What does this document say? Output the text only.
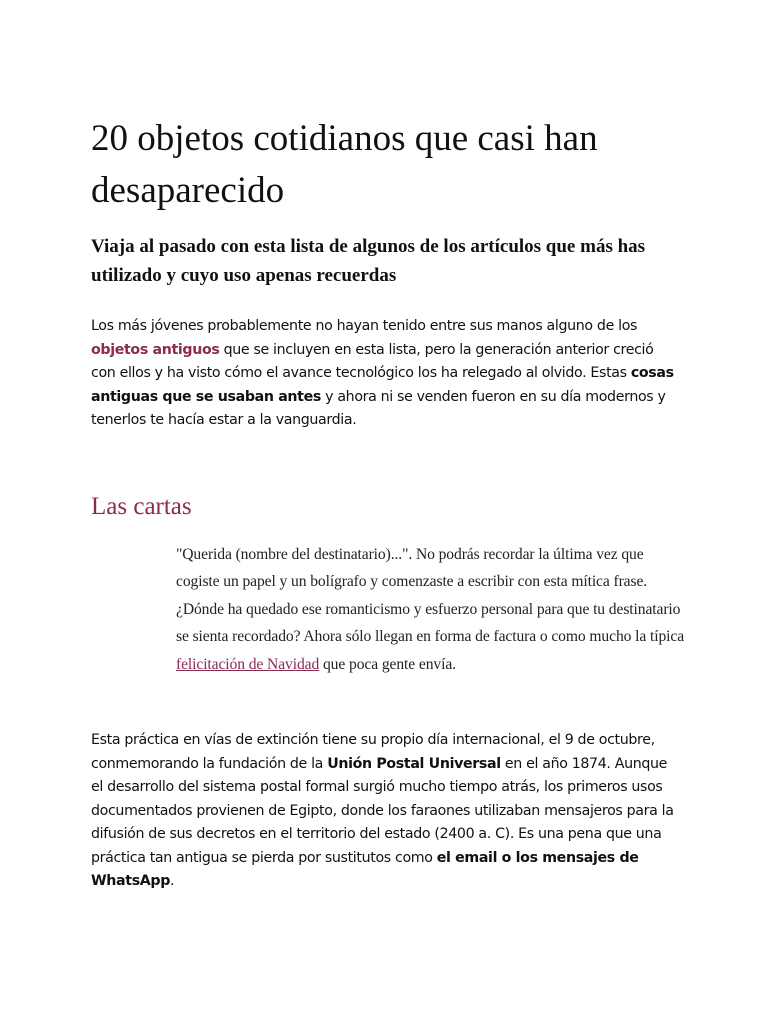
20 objetos cotidianos que casi han desaparecido

Viaja al pasado con esta lista de algunos de los artículos que más has utilizado y cuyo uso apenas recuerdas

Los más jóvenes probablemente no hayan tenido entre sus manos alguno de los objetos antiguos que se incluyen en esta lista, pero la generación anterior creció con ellos y ha visto cómo el avance tecnológico los ha relegado al olvido. Estas cosas antiguas que se usaban antes y ahora ni se venden fueron en su día modernos y tenerlos te hacía estar a la vanguardia.

Las cartas

"Querida (nombre del destinatario)...". No podrás recordar la última vez que cogiste un papel y un bolígrafo y comenzaste a escribir con esta mítica frase. ¿Dónde ha quedado ese romanticismo y esfuerzo personal para que tu destinatario se sienta recordado? Ahora sólo llegan en forma de factura o como mucho la típica felicitación de Navidad que poca gente envía.

Esta práctica en vías de extinción tiene su propio día internacional, el 9 de octubre, conmemorando la fundación de la Unión Postal Universal en el año 1874. Aunque el desarrollo del sistema postal formal surgió mucho tiempo atrás, los primeros usos documentados provienen de Egipto, donde los faraones utilizaban mensajeros para la difusión de sus decretos en el territorio del estado (2400 a. C). Es una pena que una práctica tan antigua se pierda por sustitutos como el email o los mensajes de WhatsApp.
